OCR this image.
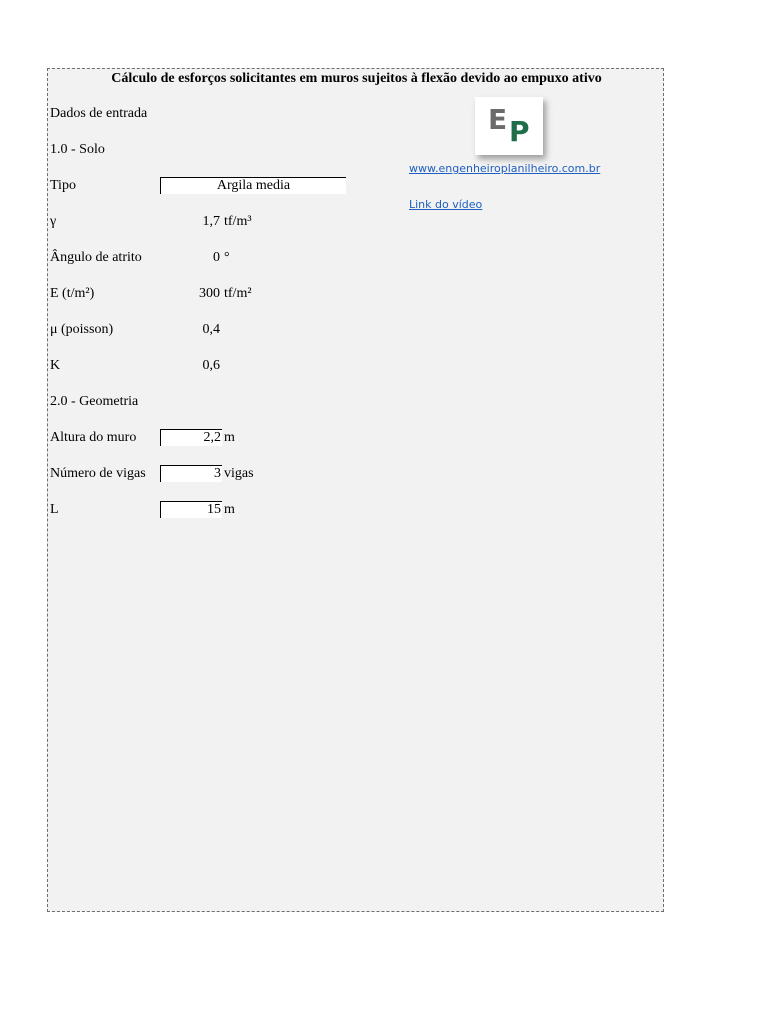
Cálculo de esforços solicitantes em muros sujeitos à flexão devido ao empuxo ativo
Dados de entrada
1.0 - Solo
Tipo	Argila media
γ	1,7 tf/m³
Ângulo de atrito	0 °
E (t/m²)	300 tf/m²
μ (poisson)	0,4
K	0,6
2.0 - Geometria
Altura do muro	2,2 m
Número de vigas	3 vigas
L	15 m
E P
www.engenheiroplanilheiro.com.br
Link do vídeo
